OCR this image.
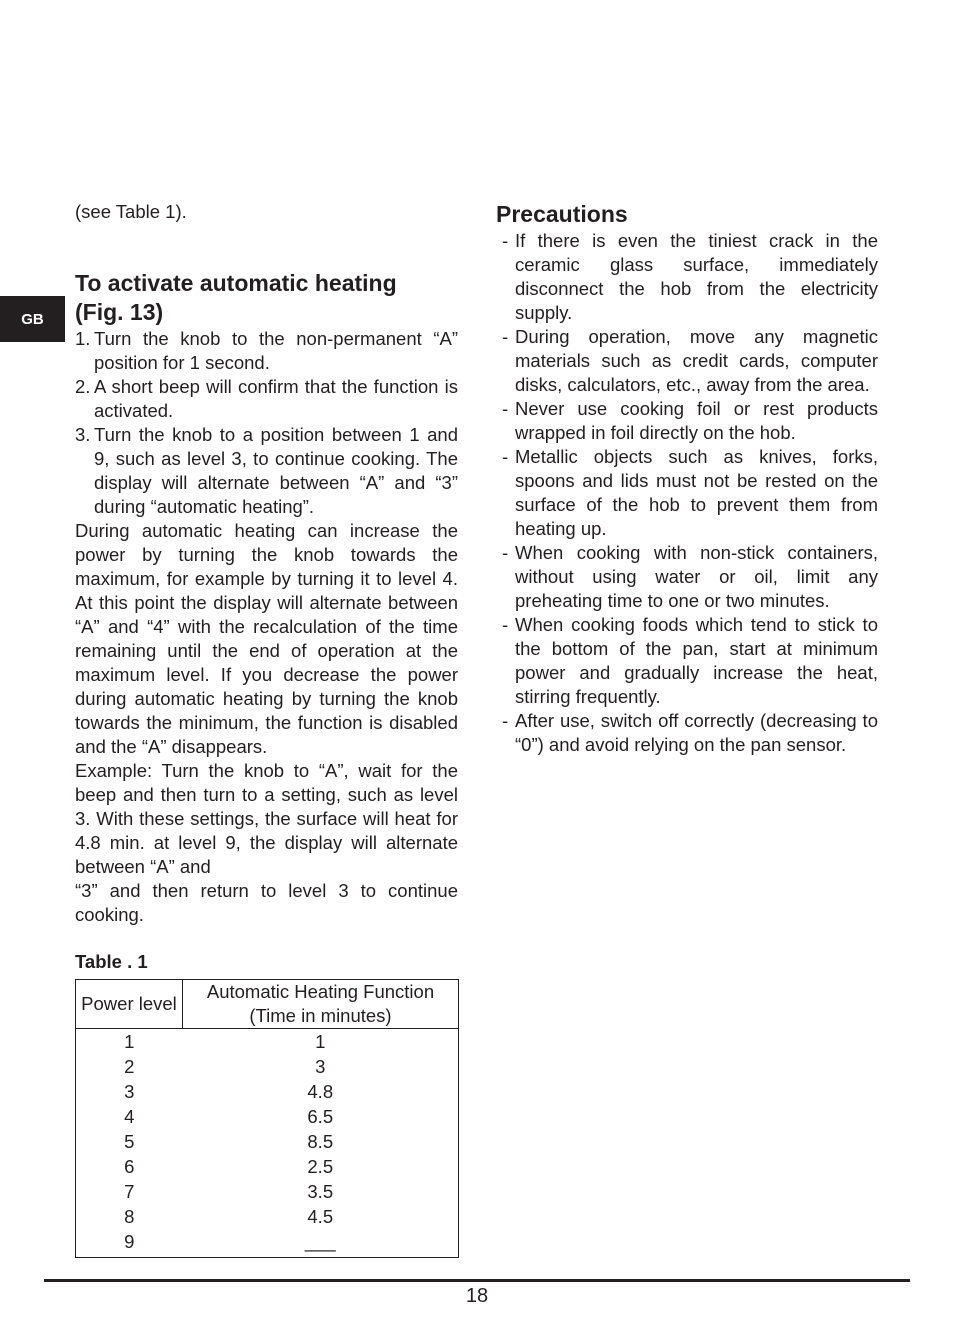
GB

(see Table 1).

To activate automatic heating
(Fig. 13)
1. Turn the knob to the non-permanent “A” position for 1 second.
2. A short beep will confirm that the function is activated.
3. Turn the knob to a position between 1 and 9, such as level 3, to continue cooking. The display will alternate between “A” and “3” during “automatic heating”.

During automatic heating can increase the power by turning the knob towards the maximum, for example by turning it to level 4. At this point the display will alternate between “A” and “4” with the recalculation of the time remaining until the end of operation at the maximum level. If you decrease the power during automatic heating by turning the knob towards the minimum, the function is disabled and the “A” disappears.

Example: Turn the knob to “A”, wait for the beep and then turn to a setting, such as level 3. With these settings, the surface will heat for 4.8 min. at level 9, the display will alternate between “A” and

“3” and then return to level 3 to continue cooking.

Table . 1
Power level	Automatic Heating Function
(Time in minutes)
1	1
2	3
3	4.8
4	6.5
5	8.5
6	2.5
7	3.5
8	4.5
9	___
Precautions
- If there is even the tiniest crack in the ceramic glass surface, immediately disconnect the hob from the electricity supply.
- During operation, move any magnetic materials such as credit cards, computer disks, calculators, etc., away from the area.
- Never use cooking foil or rest products wrapped in foil directly on the hob.
- Metallic objects such as knives, forks, spoons and lids must not be rested on the surface of the hob to prevent them from heating up.
- When cooking with non-stick containers, without using water or oil, limit any preheating time to one or two minutes.
- When cooking foods which tend to stick to the bottom of the pan, start at minimum power and gradually increase the heat, stirring frequently.
- After use, switch off correctly (decreasing to “0”) and avoid relying on the pan sensor.
18
